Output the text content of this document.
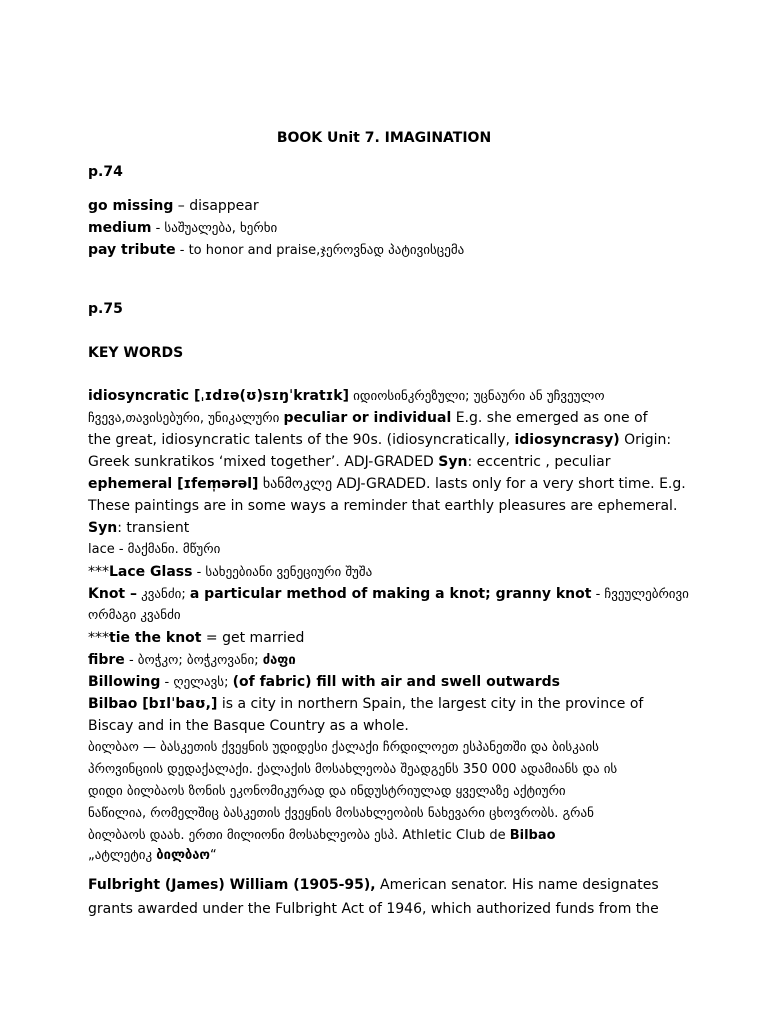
BOOK Unit 7. IMAGINATION
p.74
go missing – disappear
medium - საშუალება, ხერხი
pay tribute - to honor and praise,ჯეროვნად პატივისცემა
p.75
KEY WORDS
idiosyncratic [ˌɪdɪə(ʊ)sɪŋˈkratɪk] იდიოსინკრეზული; უცნაური ან უჩვეულო
ჩვევა,თავისებური, უნიკალური peculiar or individual E.g. she emerged as one of
the great, idiosyncratic talents of the 90s. (idiosyncratically, idiosyncrasy) Origin:
Greek sunkratikos ‘mixed together’. ADJ-GRADED Syn: eccentric , peculiar
ephemeral [ɪfem̩ərəl] ხანმოკლე ADJ-GRADED. lasts only for a very short time. E.g.
These paintings are in some ways a reminder that earthly pleasures are ephemeral.
Syn: transient
lace - მაქმანი. მწური
***Lace Glass - სახეებიანი ვენეციური შუშა
Knot – კვანძი; a particular method of making a knot; granny knot - ჩვეულებრივი
ორმაგი კვანძი
***tie the knot = get married
fibre - ბოჭკო; ბოჭკოვანი; ძაფი
Billowing - ღელავს; (of fabric) fill with air and swell outwards
Bilbao [bɪlˈbaʊ,] is a city in northern Spain, the largest city in the province of
Biscay and in the Basque Country as a whole.
ბილბაო — ბასკეთის ქვეყნის უდიდესი ქალაქი ჩრდილოეთ ესპანეთში და ბისკაის
პროვინციის დედაქალაქი. ქალაქის მოსახლეობა შეადგენს 350 000 ადამიანს და ის
დიდი ბილბაოს ზონის ეკონომიკურად და ინდუსტრიულად ყველაზე აქტიური
ნაწილია, რომელშიც ბასკეთის ქვეყნის მოსახლეობის ნახევარი ცხოვრობს. გრან
ბილბაოს დაახ. ერთი მილიონი მოსახლეობა ესპ. Athletic Club de Bilbao
„ატლეტიკ ბილბაო“
Fulbright (James) William (1905-95), American senator. His name designates
grants awarded under the Fulbright Act of 1946, which authorized funds from the
